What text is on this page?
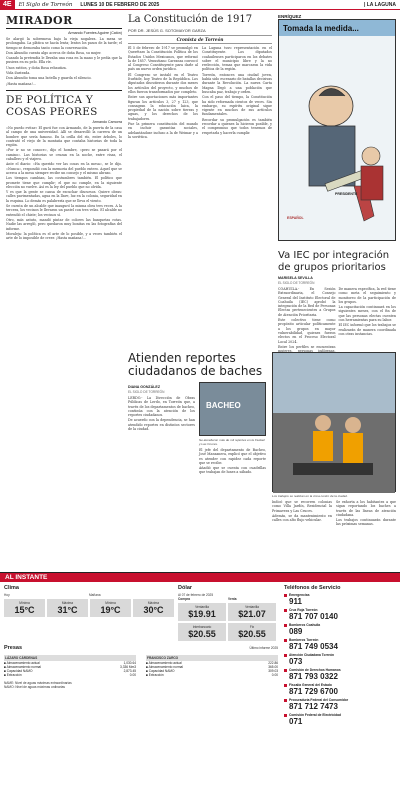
4E	El Siglo de Torreón LUNES 10 DE FEBRERO DE 2025	| LA LAGUNA
MIRADOR
Armando Fuentes Aguirre (Catón)

Se alargó la sobremesa bajo la vieja nogalera. La mesa se prolongaba. La plática se hacía lenta; lentos los pasos de la tarde; el tiempo se demoraba tanto como la conversación.

Don Abundio cuenta algo acerca de doña Rosa, su mujer.

Cuando la pretendía le llevaba una rosa en la mano y le pedía que la pusiera en su pelo. Ella ríe.

Unos ratitos, y doña Rosa rebautiza.

Vida ilustrada.

Don Abundio toma una botella y guarda el silencio.

¡Hasta mañana!...

DE POLÍTICA Y COSAS PEORES
Armando Camorra

«No puedo evitar» El gurú fue con Armando, de la puerta de la casa al campo de una universidad. Allí se desarrolló la carrera de un hombre que sería famoso. En la orilla del río, entre árboles, lo contrató el viejo de la montaña que contaba historias de toda la región.

«Por ir no se conoce», dijo el hombre, «pero se pasará por el camino». Las historias se cruzan en la noche, entre risas, el caballero y el viajero.

Ante el diario: «Ha querido ver las cosas en la mesa», se le dijo. «Nunca», respondió con la memoria del pueblo entero. Aquel que se acerca a la mesa siempre recibe un consejo y el mismo abrazo.

Los tiempos cambian, las costumbres también. El político que promete tiene que cumplir; el que no cumple, en la siguiente elección no vuelve. Así es la ley del pueblo que no olvida.

Y es que la gente se cansa de escuchar discursos. Quiere obras: calles pavimentadas, agua en la llave, luz en la colonia, seguridad en la esquina. Lo demás es palabrería que se lleva el viento.

Se cuenta de un alcalde que inauguró la misma obra tres veces. A la tercera, los vecinos le llevaron un pastel con tres velas. El alcalde no entendió el chiste; los vecinos sí.

Otro, más astuto, mandó pintar de colores las banquetas rotas. Nadie las arregló, pero quedaron muy bonitas en las fotografías del informe.

Moraleja: la política es el arte de lo posible, y a veces también el arte de lo imposible de creer. ¡Hasta mañana!...

La Constitución de 1917
POR DR. JESÚS G. SOTOMAYOR GARZA
Cronista de Torreón

El 5 de febrero de 1917 se promulgó en Querétaro la Constitución Política de los Estados Unidos Mexicanos, que reformó la de 1857. Venustiano Carranza convocó al Congreso Constituyente para darle al país un nuevo orden jurídico.

El Congreso se instaló en el Teatro Iturbide, hoy Teatro de la República. Los diputados discutieron durante dos meses los artículos del proyecto, y muchos de ellos fueron transformados por completo.

Entre sus aportaciones más importantes figuran los artículos 3, 27 y 123, que consagran la educación laica, la propiedad de la nación sobre tierras y aguas, y los derechos de los trabajadores.

Fue la primera constitución del mundo en incluir garantías sociales, adelantándose incluso a la de Weimar y a la soviética.

La Laguna tuvo representación en el Constituyente. Los diputados coahuilenses participaron en los debates sobre el municipio libre y la no reelección, temas que marcaron la vida política de la región.

Torreón, entonces una ciudad joven, había sido escenario de batallas decisivas durante la Revolución. La nueva Carta Magna llegó a una población que buscaba paz, trabajo y orden.

Con el paso del tiempo, la Constitución ha sido reformada cientos de veces. Sin embargo, su espíritu original sigue vigente en muchos de sus artículos fundamentales.

Recordar su promulgación es también recordar a quienes la hicieron posible, y el compromiso que todos tenemos de respetarla y hacerla cumplir.

ENRÍQUEZ
Tomada la medida...
PRESIDENTE
ESPAÑOL
Va IEC por integración de grupos prioritarios
MARISELA SEVILLA
EL SIGLO DE TORREÓN

COAHUILA.- En Sesión Extraordinaria, el Consejo General del Instituto Electoral de Coahuila (IEC) aprobó la integración de la Red de Personas Electas pertenecientes a Grupos de Atención Prioritaria.

Este colectivo tiene como propósito articular políticamente a los grupos en mayor vulnerabilidad, quienes fueron electos en el Proceso Electoral Local 2024.

Entre los perfiles se encuentran

De manera específica, la red tiene como meta el seguimiento y monitoreo de la participación de los grupos.

La capacitación continuará en los siguientes meses, con el fin de que las personas electas cuenten con herramientas para su labor.

El IEC informó que los trabajos se realizarán de manera coordinada con otras instancias.

Atienden reportes ciudadanos de baches
DIANA GONZÁLEZ
EL SIGLO DE TORREÓN

LERDO.- La Dirección de Obras Públicas de Lerdo, en Torreón que, a través de los departamentos de bacheo, continúa con la atención de los reportes ciudadanos.

De acuerdo con la dependencia, se han atendido reportes en distintos sectores de la ciudad.

BACHEO
Se atendieron más de mil reportes en la Ciudad y Las Cruces.

El jefe del departamento de Bacheo, José Manzanera, explicó que el objetivo es atender con rapidez cada reporte que se recibe.

Añadió que se cuenta con cuadrillas que trabajan de lunes a sábado.

Los trabajos se realizan en la zona centro de la ciudad.

Indicó que se recorren colonias como Villa Jardín, Residencial la Primavera y Las Cruces.

Además, se da mantenimiento en calles con alto flujo vehicular.

Se exhorta a los habitantes a que sigan reportando los baches a través de las líneas de atención ciudadana.

Los trabajos continuarán durante las próximas semanas.

AL INSTANTE
Clima
Hoy	Mañana
Mínima
15°C
Máxima
31°C
Mínima
19°C
Máxima
30°C
Dólar
Al 07 de febrero de 2025
Compra	Venta
Ventanilla
$19.91
Ventanilla
$21.07
Interbancario
$20.55
Fix
$20.55
Presas	Último informe 2025
LÁZARO CÁRDENAS
■ Almacenamiento actual	1,030.64
■ Almacenamiento normal	3,336 Mm3
■ Capacidad NAMO	2,873.45
■ Extracción	0.00
FRANCISCO ZARCO
■ Almacenamiento actual	222.86
■ Almacenamiento normal	365.00
■ Capacidad NAMO	309.03
■ Extracción	0.00
NAME: Nivel de aguas máximas extraordinarias
NAMO: Nivel de aguas máximas ordinarias
Teléfonos de Servicio
Emergencias
911
Cruz Roja Torreón
871 707 0140
Bomberos Coahuila
089
Bomberos Torreón
871 749 0534
Atención Ciudadana Torreón
073
Comisión de Derechos Humanos
871 793 0322
Fiscalía General del Estado
871 729 6700
Procuraduría Federal del Consumidor
871 712 7473
Comisión Federal de Electricidad
071
